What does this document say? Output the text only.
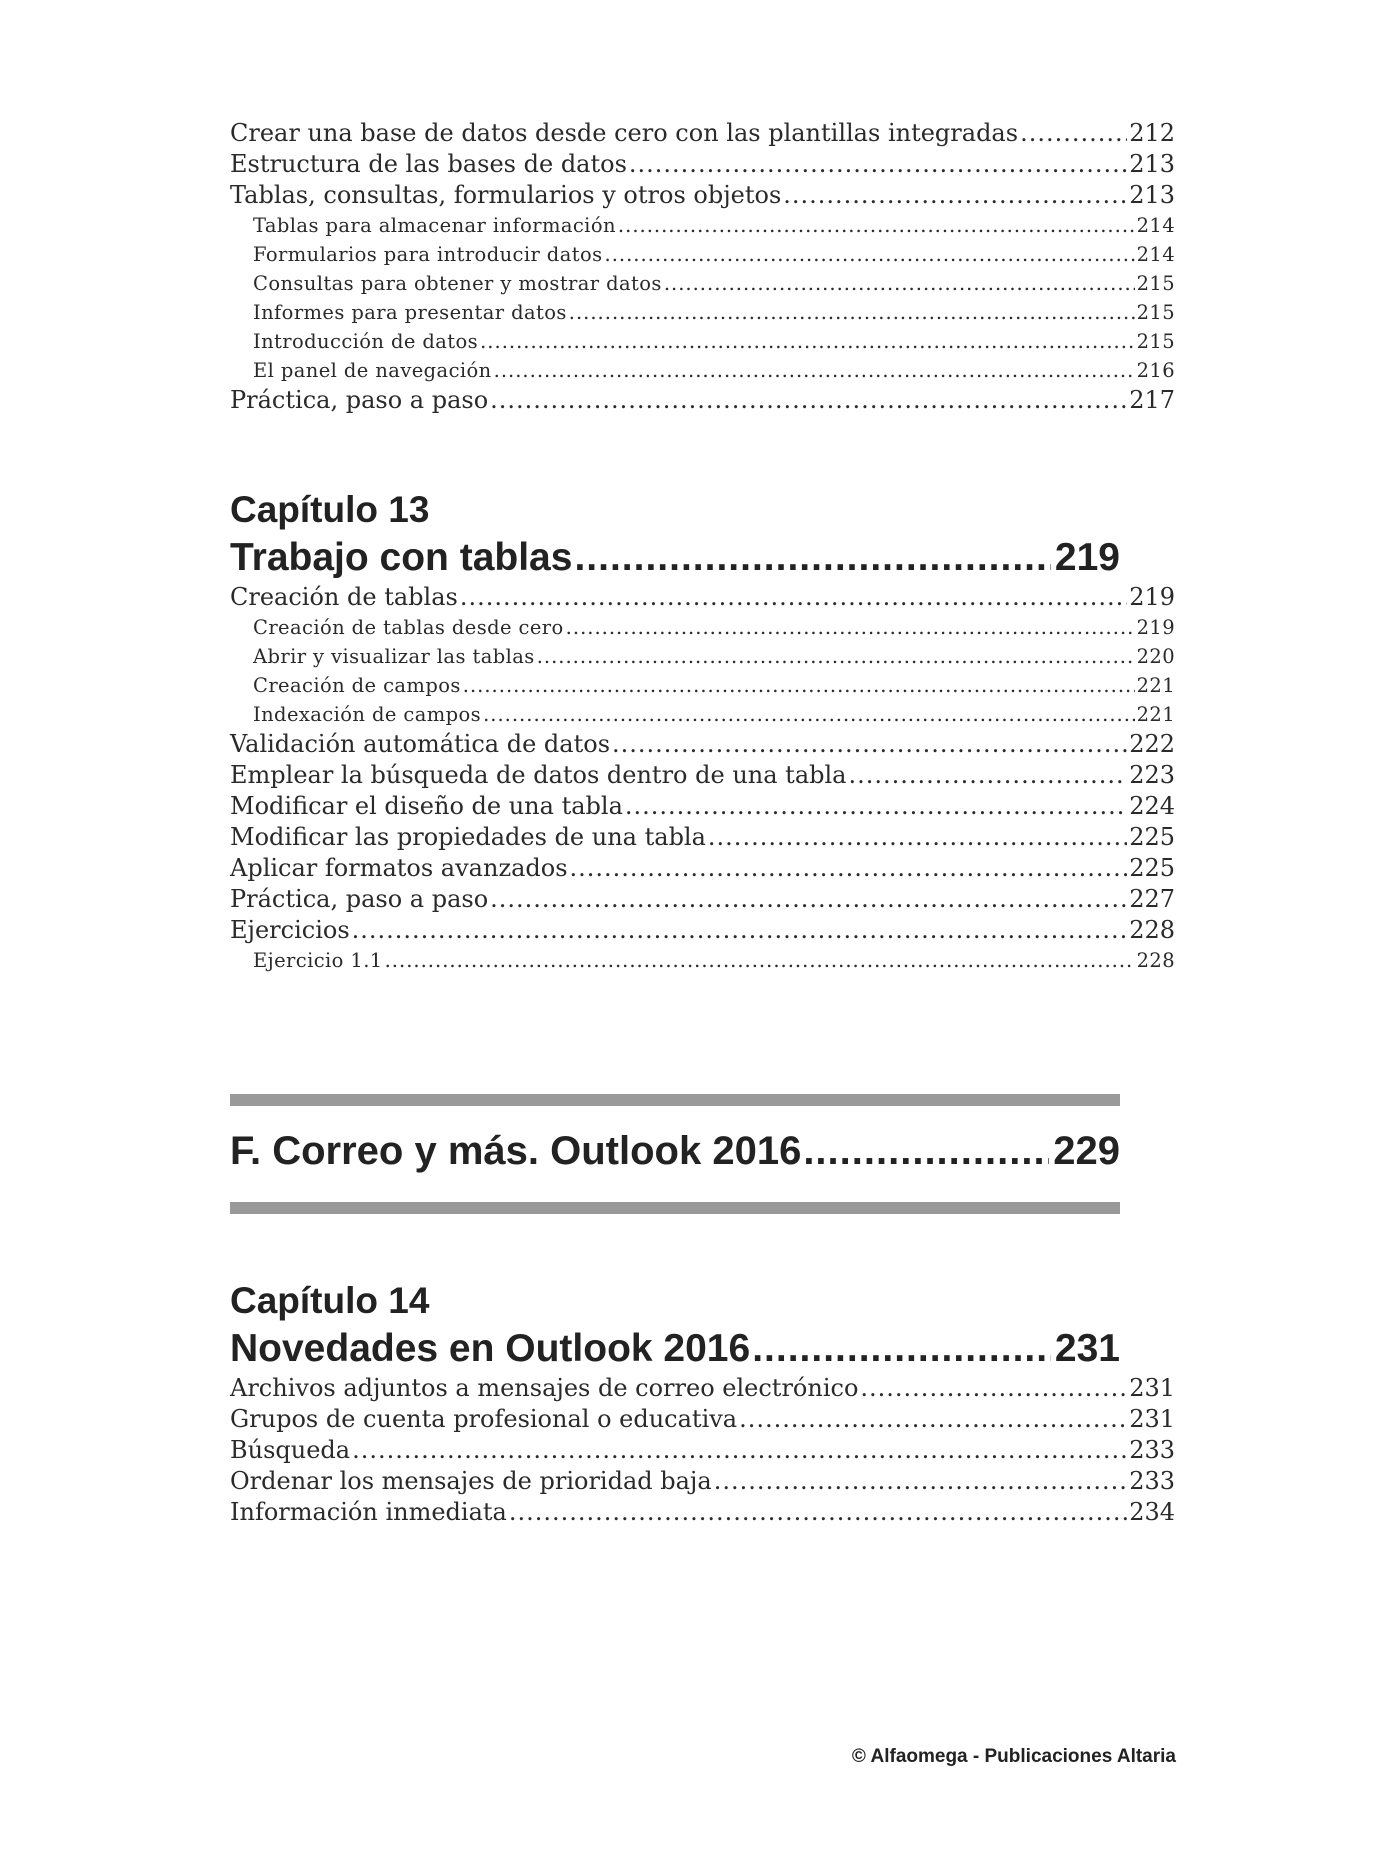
Crear una base de datos desde cero con las plantillas integradas .....	212
Estructura de las bases de datos .....	213
Tablas, consultas, formularios y otros objetos .....	213
Tablas para almacenar información .....	214
Formularios para introducir datos .....	214
Consultas para obtener y mostrar datos .....	215
Informes para presentar datos .....	215
Introducción de datos .....	215
El panel de navegación .....	216
Práctica, paso a paso .....	217
Capítulo 13
Trabajo con tablas .....	219
Creación de tablas .....	219
Creación de tablas desde cero .....	219
Abrir y visualizar las tablas .....	220
Creación de campos .....	221
Indexación de campos .....	221
Validación automática de datos .....	222
Emplear la búsqueda de datos dentro de una tabla .....	223
Modificar el diseño de una tabla .....	224
Modificar las propiedades de una tabla .....	225
Aplicar formatos avanzados .....	225
Práctica, paso a paso .....	227
Ejercicios .....	228
Ejercicio 1.1 .....	228
F. Correo y más. Outlook 2016 .....	229
Capítulo 14
Novedades en Outlook 2016 .....	231
Archivos adjuntos a mensajes de correo electrónico .....	231
Grupos de cuenta profesional o educativa .....	231
Búsqueda .....	233
Ordenar los mensajes de prioridad baja .....	233
Información inmediata .....	234
© Alfaomega - Publicaciones Altaria
